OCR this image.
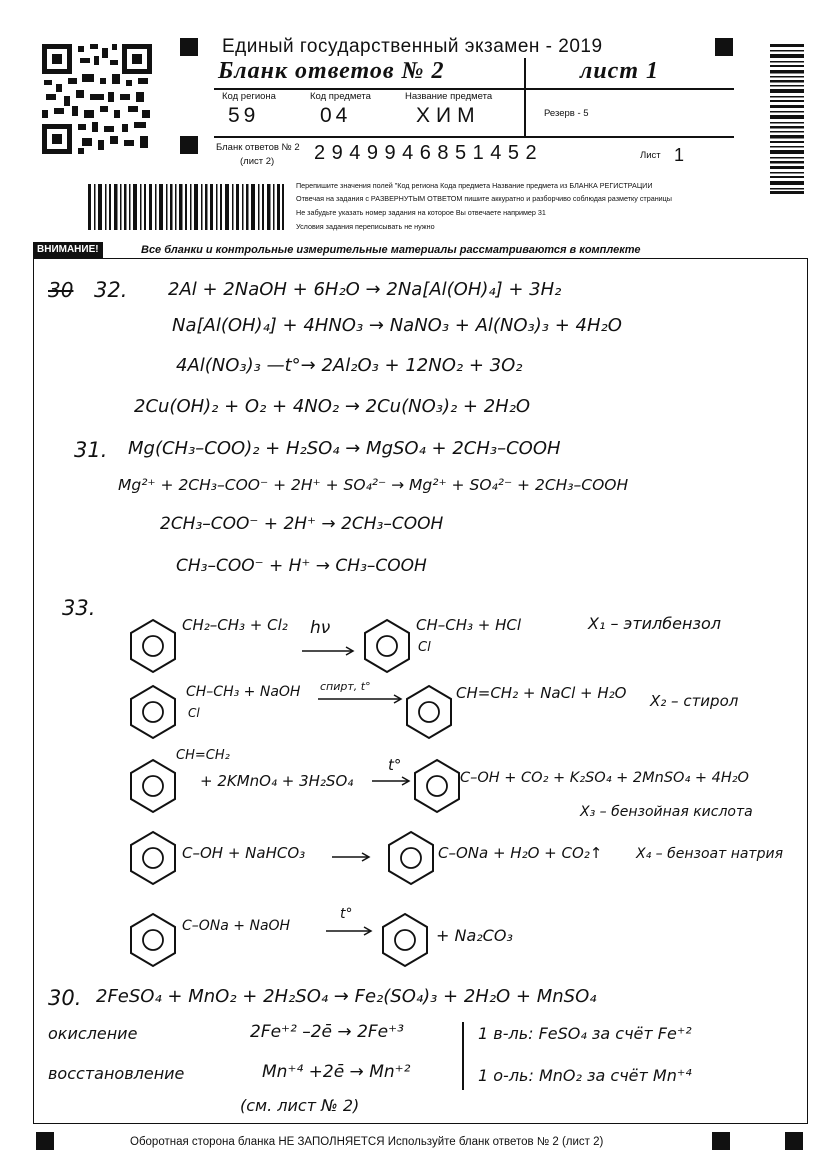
Единый государственный экзамен - 2019
Бланк ответов № 2	лист 1
Код региона	Код предмета	Название предмета
59	04	ХИМ	Резерв - 5
Бланк ответов № 2
(лист 2) 2949946851452	Лист 1
Перепишите значения полей "Код региона Кода предмета Название предмета из БЛАНКА РЕГИСТРАЦИИ
Отвечая на задания с РАЗВЕРНУТЫМ ОТВЕТОМ пишите аккуратно и разборчиво соблюдая разметку страницы
Не забудьте указать номер задания на которое Вы отвечаете например 31
Условия задания переписывать не нужно
ВНИМАНИЕ!	Все бланки и контрольные измерительные материалы рассматриваются в комплекте
30 32. 2Al + 2NaOH + 6H₂O → 2Na[Al(OH)₄] + 3H₂
Na[Al(OH)₄] + 4HNO₃ → NaNO₃ + Al(NO₃)₃ + 4H₂O
4Al(NO₃)₃ —t°→ 2Al₂O₃ + 12NO₂ + 3O₂
2Cu(OH)₂ + O₂ + 4NO₂ → 2Cu(NO₃)₂ + 2H₂O
31. Mg(CH₃–COO)₂ + H₂SO₄ → MgSO₄ + 2CH₃–COOH
Mg²⁺ + 2CH₃–COO⁻ + 2H⁺ + SO₄²⁻ → Mg²⁺ + SO₄²⁻ + 2CH₃–COOH
2CH₃–COO⁻ + 2H⁺ → 2CH₃–COOH
CH₃–COO⁻ + H⁺ → CH₃–COOH
33.
CH₂–CH₃ + Cl₂ hν	CH–CH₃ + HCl
Cl
X₁ – этилбензол
CH–CH₃ + NaOH
Cl
спирт, t°	CH=CH₂ + NaCl + H₂O X₂ – стирол
CH=CH₂
+ 2KMnO₄ + 3H₂SO₄
t°
C–OH + CO₂ + K₂SO₄ + 2MnSO₄ + 4H₂O
X₃ – бензойная кислота
C–OH + NaHCO₃	C–ONa + H₂O + CO₂↑ X₄ – бензоат натрия
C–ONa + NaOH
t°
+ Na₂CO₃
30. 2FeSO₄ + MnO₂ + 2H₂SO₄ → Fe₂(SO₄)₃ + 2H₂O + MnSO₄
окисление	2Fe⁺² –2ē → 2Fe⁺³	1 в-ль: FeSO₄ за счёт Fe⁺²
восстановление	Mn⁺⁴ +2ē → Mn⁺²	1 о-ль: MnO₂ за счёт Mn⁺⁴
(см. лист № 2)
Оборотная сторона бланка НЕ ЗАПОЛНЯЕТСЯ Используйте бланк ответов № 2 (лист 2)
